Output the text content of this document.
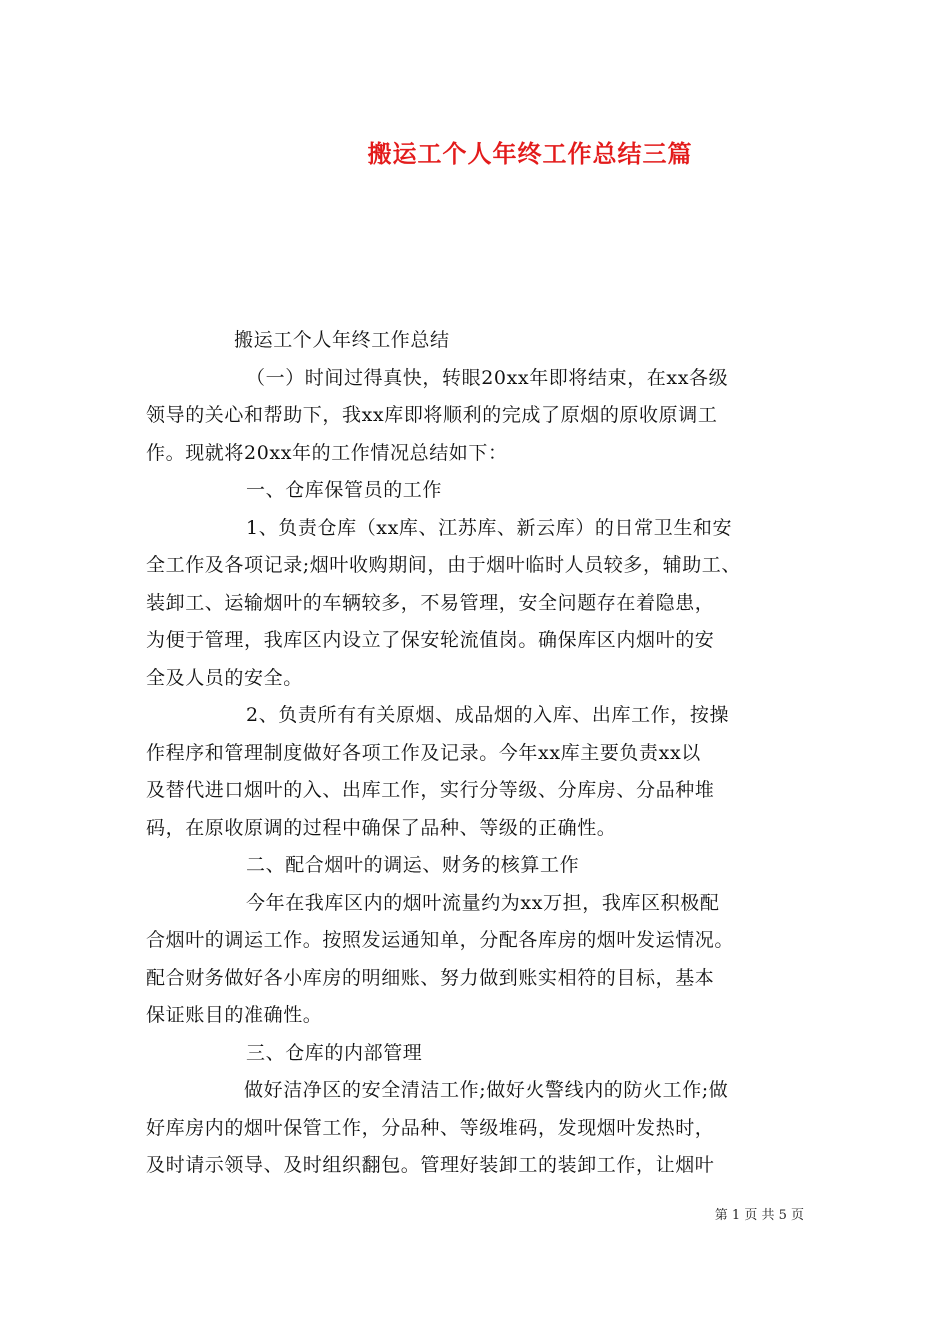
搬运工个人年终工作总结三篇
搬运工个人年终工作总结
（一）时间过得真快，转眼20xx年即将结束，在xx各级
领导的关心和帮助下，我xx库即将顺利的完成了原烟的原收原调工
作。现就将20xx年的工作情况总结如下：
一、仓库保管员的工作
1、负责仓库（xx库、江苏库、新云库）的日常卫生和安
全工作及各项记录;烟叶收购期间，由于烟叶临时人员较多，辅助工、
装卸工、运输烟叶的车辆较多，不易管理，安全问题存在着隐患，
为便于管理，我库区内设立了保安轮流值岗。确保库区内烟叶的安
全及人员的安全。
2、负责所有有关原烟、成品烟的入库、出库工作，按操
作程序和管理制度做好各项工作及记录。今年xx库主要负责xx以
及替代进口烟叶的入、出库工作，实行分等级、分库房、分品种堆
码，在原收原调的过程中确保了品种、等级的正确性。
二、配合烟叶的调运、财务的核算工作
今年在我库区内的烟叶流量约为xx万担，我库区积极配
合烟叶的调运工作。按照发运通知单，分配各库房的烟叶发运情况。
配合财务做好各小库房的明细账、努力做到账实相符的目标，基本
保证账目的准确性。
三、仓库的内部管理
做好洁净区的安全清洁工作;做好火警线内的防火工作;做
好库房内的烟叶保管工作，分品种、等级堆码，发现烟叶发热时，
及时请示领导、及时组织翻包。管理好装卸工的装卸工作，让烟叶
第 1 页 共 5 页
